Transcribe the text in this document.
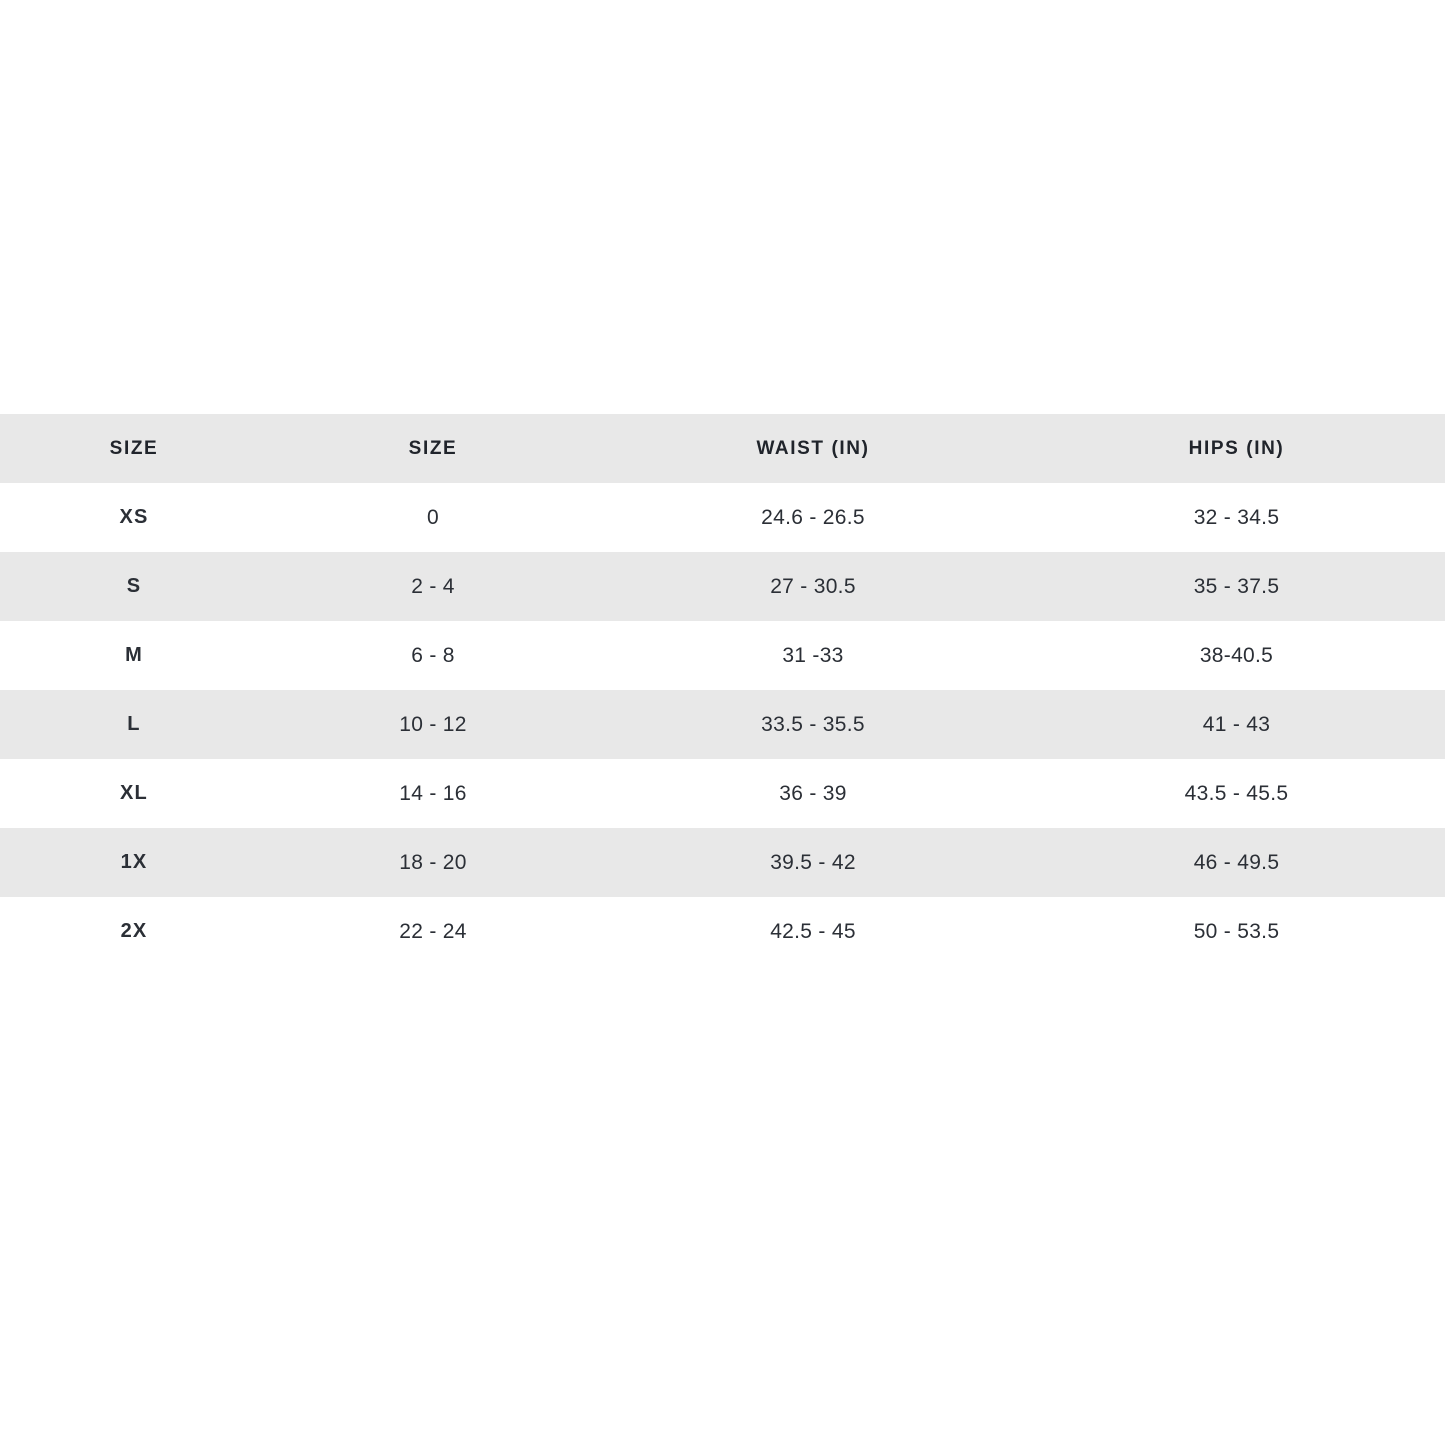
SIZE	SIZE	WAIST (IN)	HIPS (IN)
XS	0	24.6 - 26.5	32 - 34.5
S	2 - 4	27 - 30.5	35 - 37.5
M	6 - 8	31 -33	38-40.5
L	10 - 12	33.5 - 35.5	41 - 43
XL	14 - 16	36 - 39	43.5 - 45.5
1X	18 - 20	39.5 - 42	46 - 49.5
2X	22 - 24	42.5 - 45	50 - 53.5
